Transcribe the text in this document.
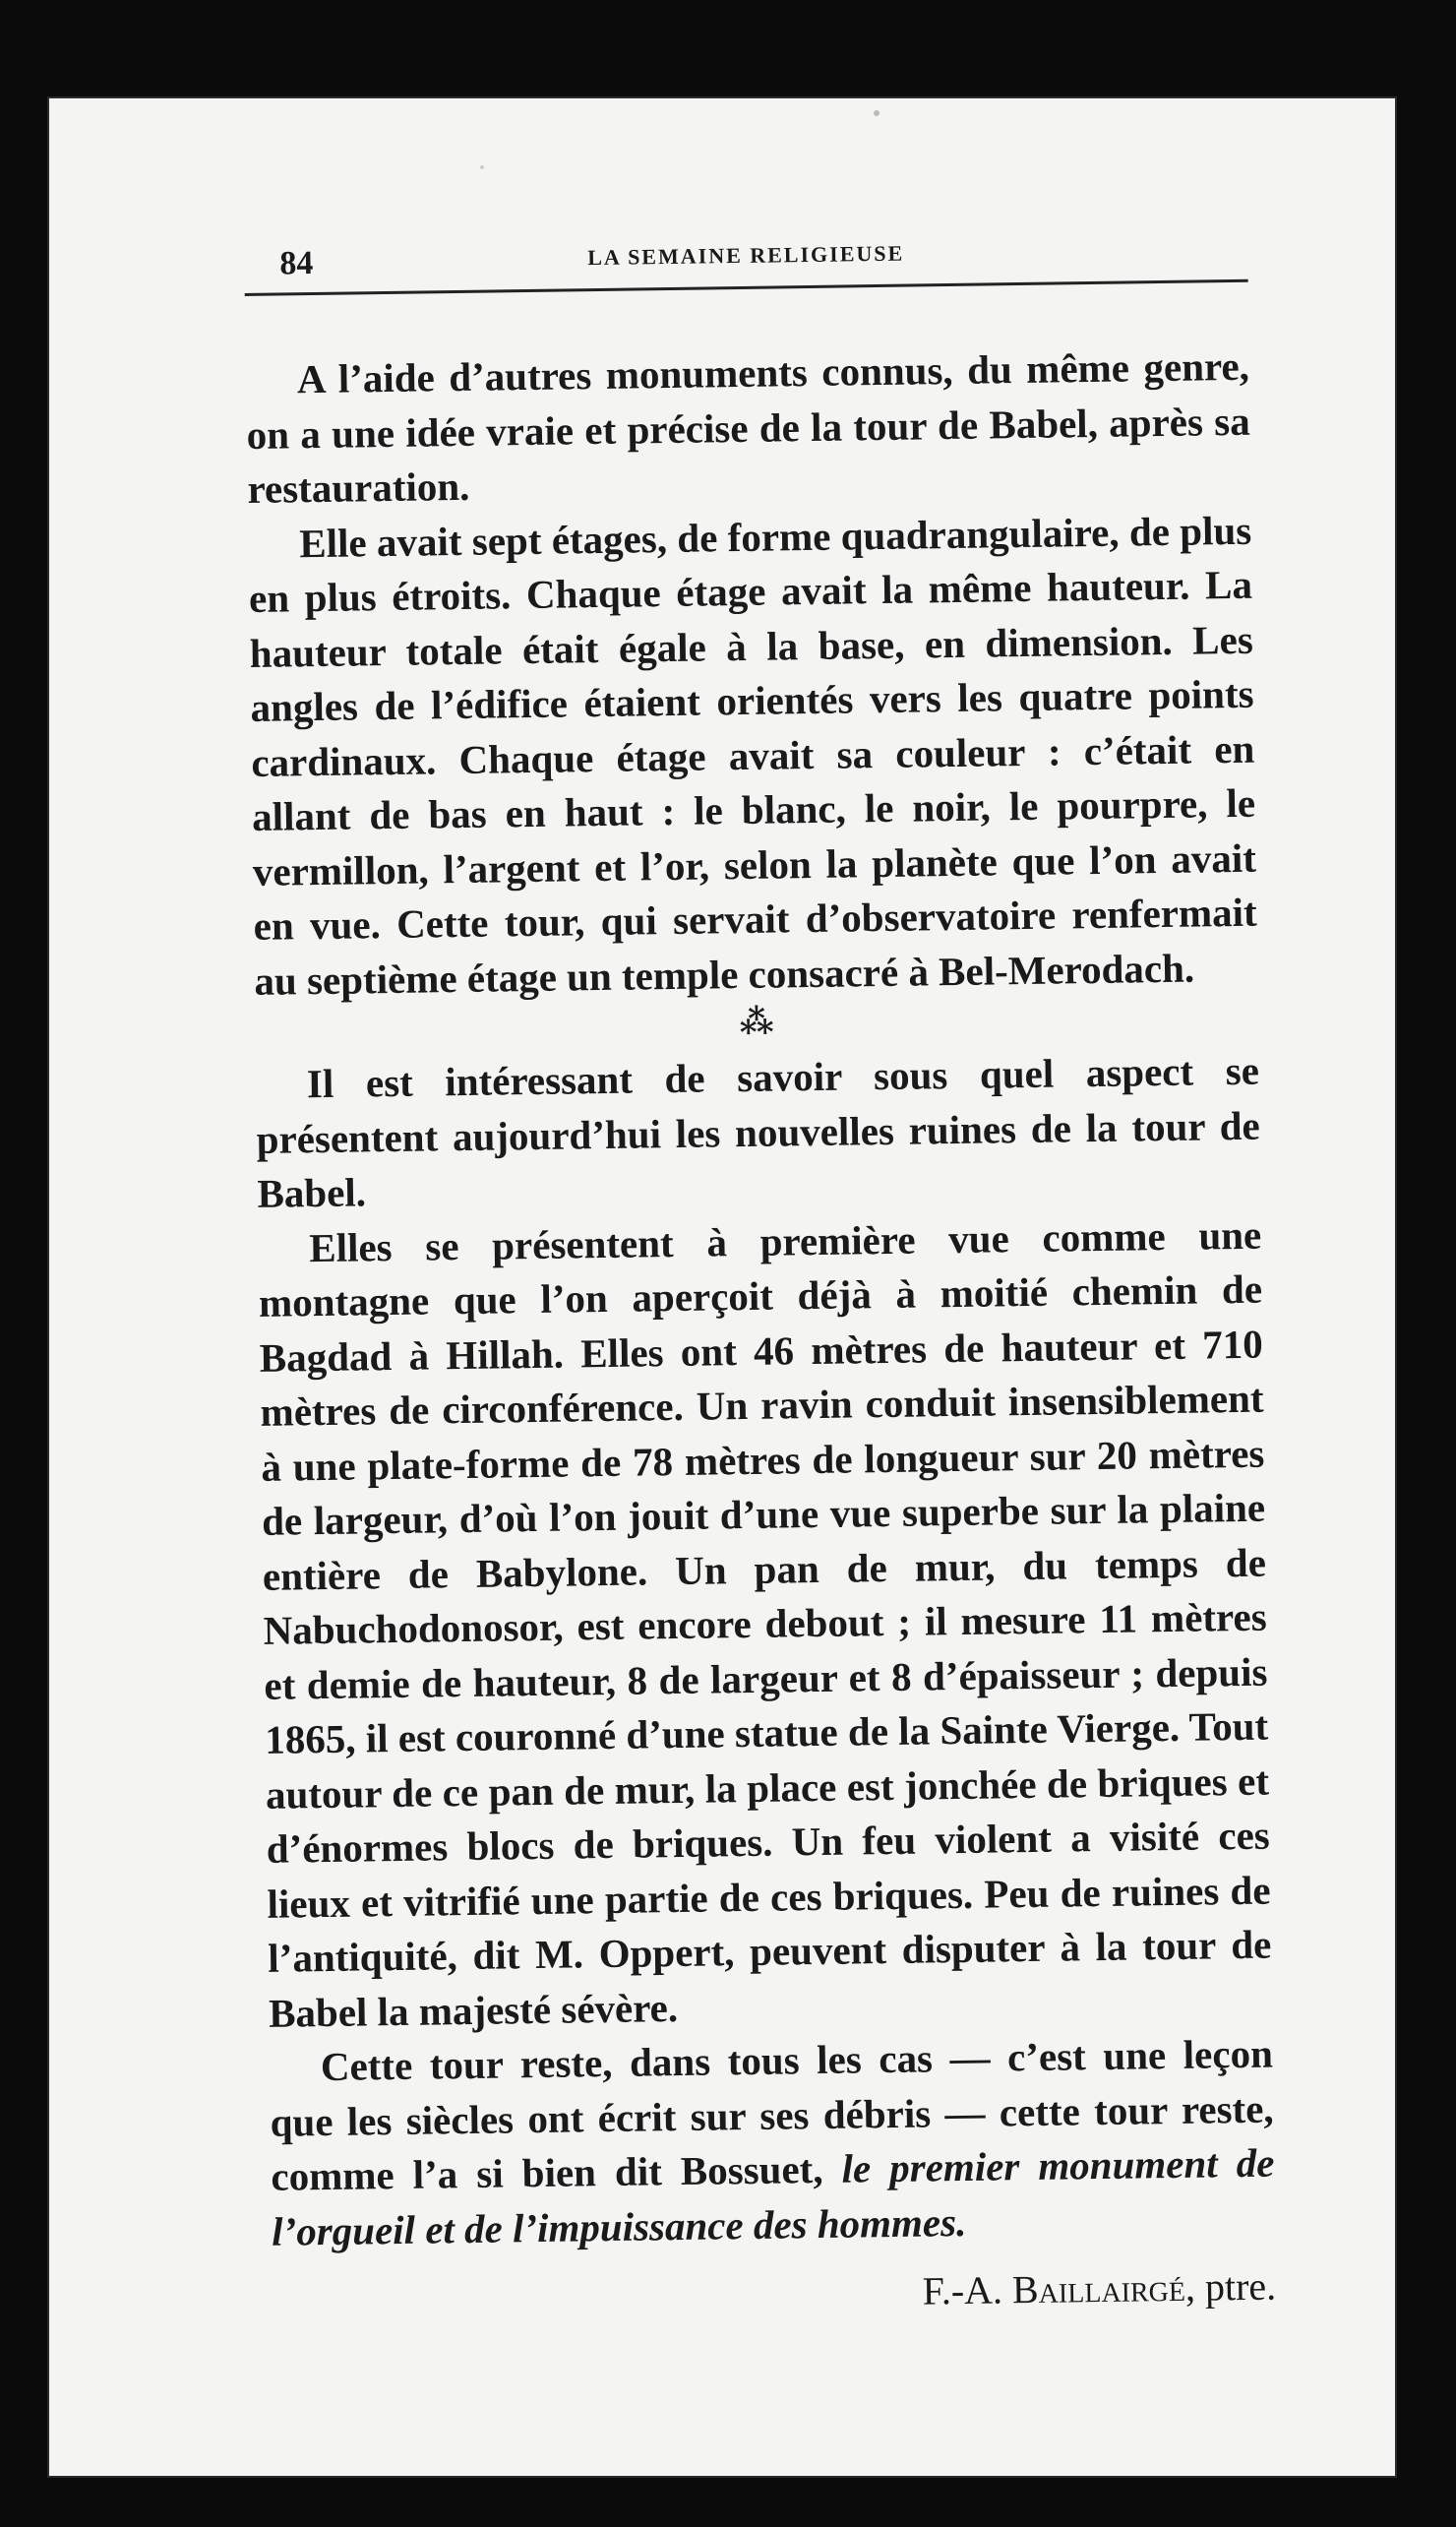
84	LA SEMAINE RELIGIEUSE

A l’aide d’autres monuments connus, du même genre, on a une idée vraie et précise de la tour de Babel, après sa restauration.

Elle avait sept étages, de forme quadrangulaire, de plus en plus étroits. Chaque étage avait la même hauteur. La hauteur totale était égale à la base, en dimension. Les angles de l’édifice étaient orientés vers les quatre points cardinaux. Chaque étage avait sa couleur : c’était en allant de bas en haut : le blanc, le noir, le pourpre, le vermillon, l’argent et l’or, selon la planète que l’on avait en vue. Cette tour, qui servait d’observatoire renfermait au septième étage un temple consacré à Bel-Merodach.

⁂

Il est intéressant de savoir sous quel aspect se présentent aujourd’hui les nouvelles ruines de la tour de Babel.

Elles se présentent à première vue comme une montagne que l’on aperçoit déjà à moitié chemin de Bagdad à Hillah. Elles ont 46 mètres de hauteur et 710 mètres de circonférence. Un ravin conduit insensiblement à une plate-forme de 78 mètres de longueur sur 20 mètres de largeur, d’où l’on jouit d’une vue superbe sur la plaine entière de Babylone. Un pan de mur, du temps de Nabuchodonosor, est encore debout ; il mesure 11 mètres et demie de hauteur, 8 de largeur et 8 d’épaisseur ; depuis 1865, il est couronné d’une statue de la Sainte Vierge. Tout autour de ce pan de mur, la place est jonchée de briques et d’énormes blocs de briques. Un feu violent a visité ces lieux et vitrifié une partie de ces briques. Peu de ruines de l’antiquité, dit M. Oppert, peuvent disputer à la tour de Babel la majesté sévère.

Cette tour reste, dans tous les cas — c’est une leçon que les siècles ont écrit sur ses débris — cette tour reste, comme l’a si bien dit Bossuet, le premier monument de l’orgueil et de l’impuissance des hommes.

F.-A. Baillairgé, ptre.
